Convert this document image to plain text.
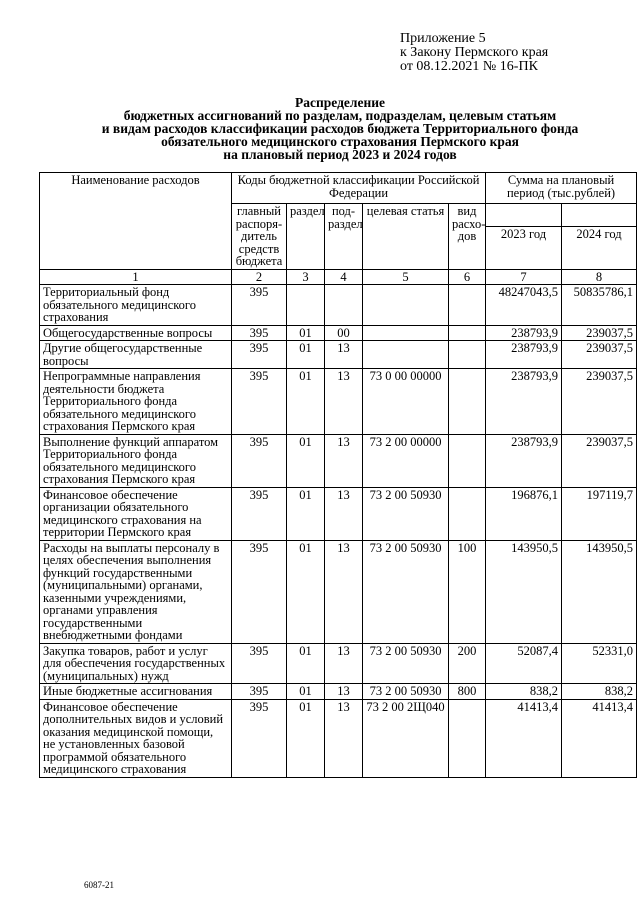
Приложение 5
к Закону Пермского края
от 08.12.2021 № 16-ПК
Распределение
бюджетных ассигнований по разделам, подразделам, целевым статьям
и видам расходов классификации расходов бюджета Территориального фонда
обязательного медицинского страхования Пермского края
на плановый период 2023 и 2024 годов
Наименование расходов	Коды бюджетной классификации Российской Федерации					Сумма на плановый период (тыс.рублей)	
	главный распоря-дитель средств бюджета	раздел	под-раздел	целевая статья	вид расхо-дов		
						2023 год	2024 год
1	2	3	4	5	6	7	8
Территориальный фонд обязательного медицинского страхования	395					48247043,5	50835786,1
Общегосударственные вопросы	395	01	00			238793,9	239037,5
Другие общегосударственные вопросы	395	01	13			238793,9	239037,5
Непрограммные направления деятельности бюджета Территориального фонда обязательного медицинского страхования Пермского края	395	01	13	73 0 00 00000		238793,9	239037,5
Выполнение функций аппаратом Территориального фонда обязательного медицинского страхования Пермского края	395	01	13	73 2 00 00000		238793,9	239037,5
Финансовое обеспечение организации обязательного медицинского страхования на территории Пермского края	395	01	13	73 2 00 50930		196876,1	197119,7
Расходы на выплаты персоналу в целях обеспечения выполнения функций государственными (муниципальными) органами, казенными учреждениями, органами управления государственными внебюджетными фондами	395	01	13	73 2 00 50930	100	143950,5	143950,5
Закупка товаров, работ и услуг для обеспечения государственных (муниципальных) нужд	395	01	13	73 2 00 50930	200	52087,4	52331,0
Иные бюджетные ассигнования	395	01	13	73 2 00 50930	800	838,2	838,2
Финансовое обеспечение дополнительных видов и условий оказания медицинской помощи, не установленных базовой программой обязательного медицинского страхования	395	01	13	73 2 00 2Щ040		41413,4	41413,4
6087-21
